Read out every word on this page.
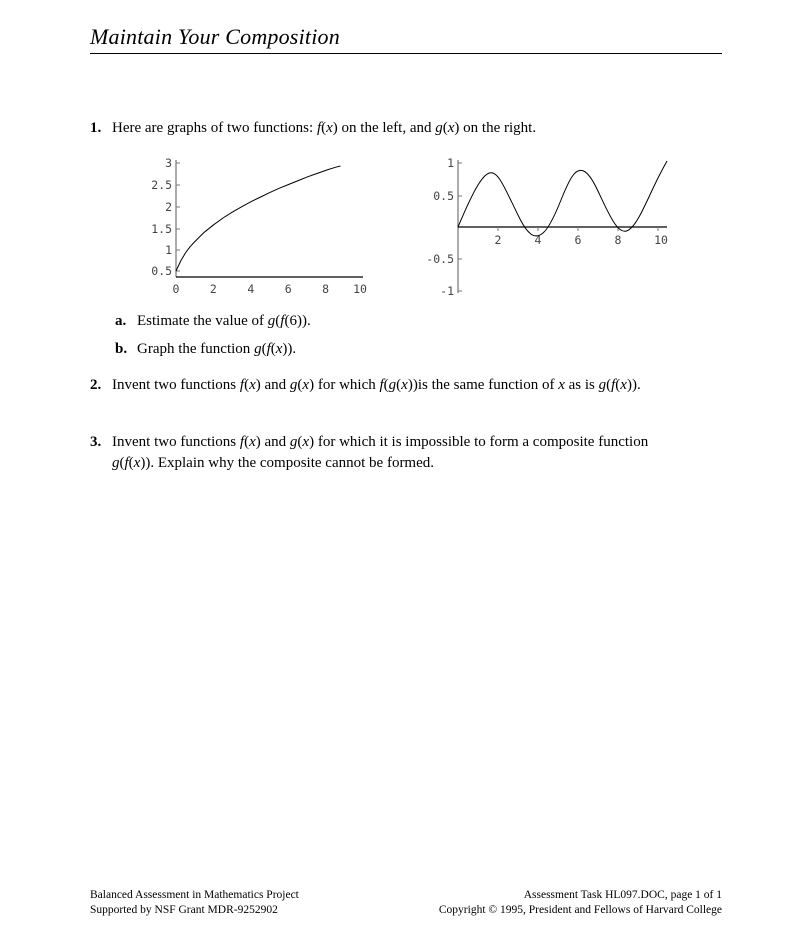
Maintain Your Composition
1. Here are graphs of two functions: f(x) on the left, and g(x) on the right.
3
2.5
2
1.5
1
0.5
0	2	4	6	8 10
1
0.5
-0.5
-1
2	4	6	8	10
a. Estimate the value of g(f(6)).
b. Graph the function g(f(x)).
2. Invent two functions f(x) and g(x) for which f(g(x))is the same function of x as is g(f(x)).
3. Invent two functions f(x) and g(x) for which it is impossible to form a composite function g(f(x)). Explain why the composite cannot be formed.
Balanced Assessment in Mathematics Project
Supported by NSF Grant MDR-9252902
Assessment Task HL097.DOC, page 1 of 1
Copyright © 1995, President and Fellows of Harvard College
